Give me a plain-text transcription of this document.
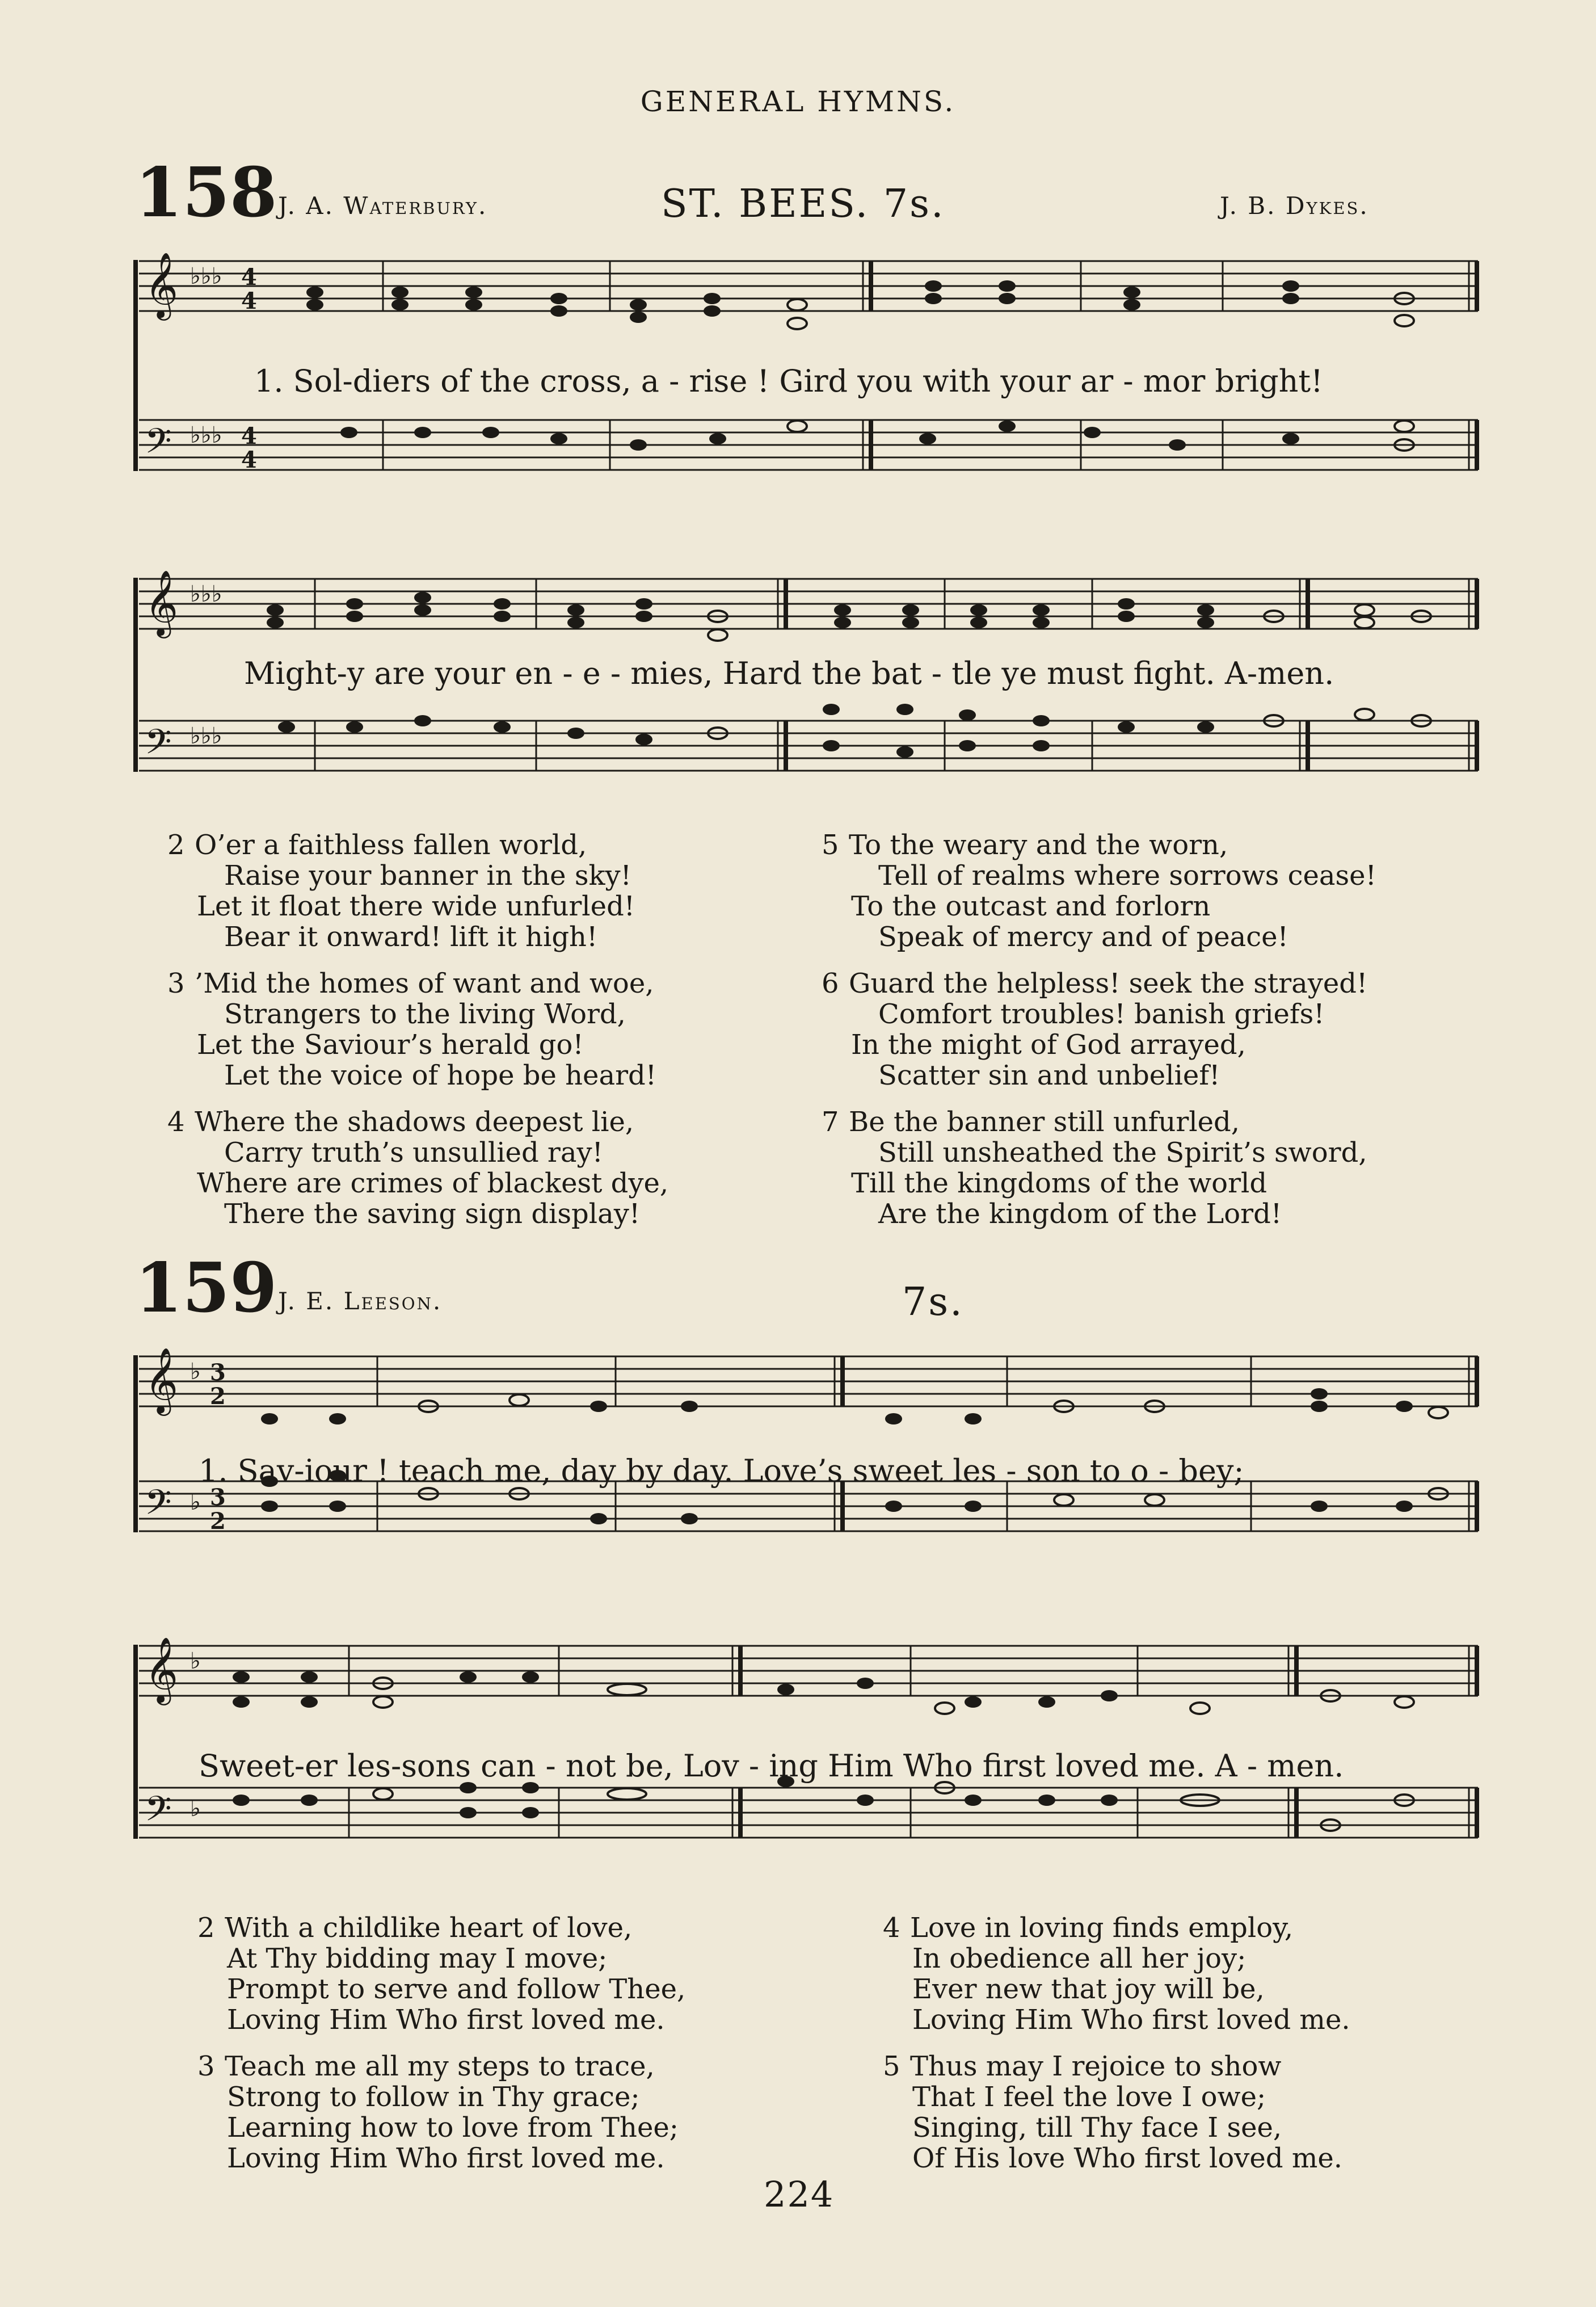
GENERAL HYMNS.
158 J. A. Waterbury.	ST. BEES. 7s.	J. B. Dykes.
𝄞 ♭♭♭ 4
4
𝄢 ♭♭♭ 4
4
1. Sol-diers of the cross, a - rise ! Gird you with your ar - mor bright!
𝄞 ♭♭♭
𝄢 ♭♭♭
Might-y are your en - e - mies, Hard the bat - tle ye must fight. A-men.
2 O’er a faithless fallen world,
Raise your banner in the sky!
Let it float there wide unfurled!
Bear it onward! lift it high!
3 ’Mid the homes of want and woe,
Strangers to the living Word,
Let the Saviour’s herald go!
Let the voice of hope be heard!
4 Where the shadows deepest lie,
Carry truth’s unsullied ray!
Where are crimes of blackest dye,
There the saving sign display!
5 To the weary and the worn,
Tell of realms where sorrows cease!
To the outcast and forlorn
Speak of mercy and of peace!
6 Guard the helpless! seek the strayed!
Comfort troubles! banish griefs!
In the might of God arrayed,
Scatter sin and unbelief!
7 Be the banner still unfurled,
Still unsheathed the Spirit’s sword,
Till the kingdoms of the world
Are the kingdom of the Lord!
159 J. E. Leeson.	7s.
𝄞 ♭ 3
2
𝄢 ♭ 3
2
1. Sav-iour ! teach me, day by day. Love’s sweet les - son to o - bey;
𝄞 ♭
𝄢 ♭
Sweet-er les-sons can - not be, Lov - ing Him Who first loved me. A - men.
2 With a childlike heart of love,
At Thy bidding may I move;
Prompt to serve and follow Thee,
Loving Him Who first loved me.
3 Teach me all my steps to trace,
Strong to follow in Thy grace;
Learning how to love from Thee;
Loving Him Who first loved me.
4 Love in loving finds employ,
In obedience all her joy;
Ever new that joy will be,
Loving Him Who first loved me.
5 Thus may I rejoice to show
That I feel the love I owe;
Singing, till Thy face I see,
Of His love Who first loved me.
224
